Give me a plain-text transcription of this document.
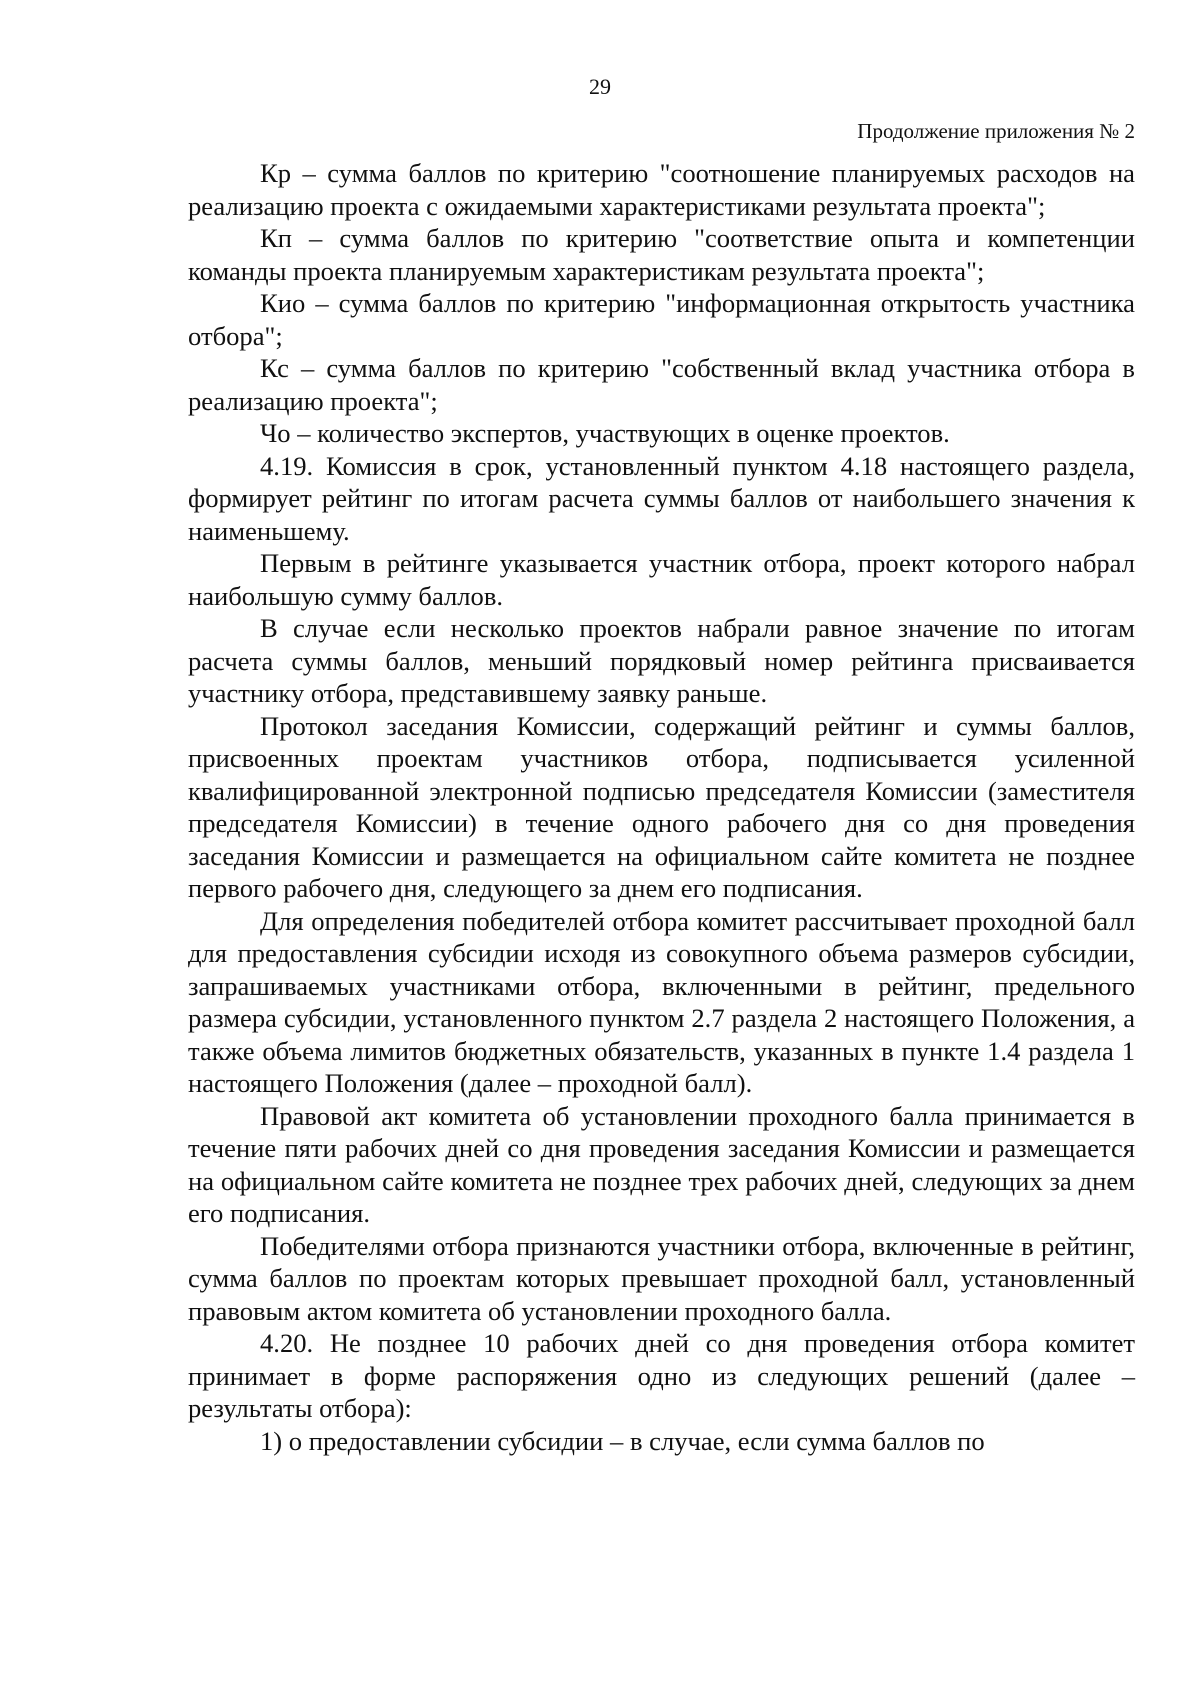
29
Продолжение приложения № 2

Кр – сумма баллов по критерию "соотношение планируемых расходов на реализацию проекта с ожидаемыми характеристиками результата проекта";

Кп – сумма баллов по критерию "соответствие опыта и компетенции команды проекта планируемым характеристикам результата проекта";

Кио – сумма баллов по критерию "информационная открытость участника отбора";

Кс – сумма баллов по критерию "собственный вклад участника отбора в реализацию проекта";

Чо – количество экспертов, участвующих в оценке проектов.

4.19. Комиссия в срок, установленный пунктом 4.18 настоящего раздела, формирует рейтинг по итогам расчета суммы баллов от наибольшего значения к наименьшему.

Первым в рейтинге указывается участник отбора, проект которого набрал наибольшую сумму баллов.

В случае если несколько проектов набрали равное значение по итогам расчета суммы баллов, меньший порядковый номер рейтинга присваивается участнику отбора, представившему заявку раньше.

Протокол заседания Комиссии, содержащий рейтинг и суммы баллов, присвоенных проектам участников отбора, подписывается усиленной квалифицированной электронной подписью председателя Комиссии (заместителя председателя Комиссии) в течение одного рабочего дня со дня проведения заседания Комиссии и размещается на официальном сайте комитета не позднее первого рабочего дня, следующего за днем его подписания.

Для определения победителей отбора комитет рассчитывает проходной балл для предоставления субсидии исходя из совокупного объема размеров субсидии, запрашиваемых участниками отбора, включенными в рейтинг, предельного размера субсидии, установленного пунктом 2.7 раздела 2 настоящего Положения, а также объема лимитов бюджетных обязательств, указанных в пункте 1.4 раздела 1 настоящего Положения (далее – проходной балл).

Правовой акт комитета об установлении проходного балла принимается в течение пяти рабочих дней со дня проведения заседания Комиссии и размещается на официальном сайте комитета не позднее трех рабочих дней, следующих за днем его подписания.

Победителями отбора признаются участники отбора, включенные в рейтинг, сумма баллов по проектам которых превышает проходной балл, установленный правовым актом комитета об установлении проходного балла.

4.20. Не позднее 10 рабочих дней со дня проведения отбора комитет принимает в форме распоряжения одно из следующих решений (далее – результаты отбора):

1) о предоставлении субсидии – в случае, если сумма баллов по
